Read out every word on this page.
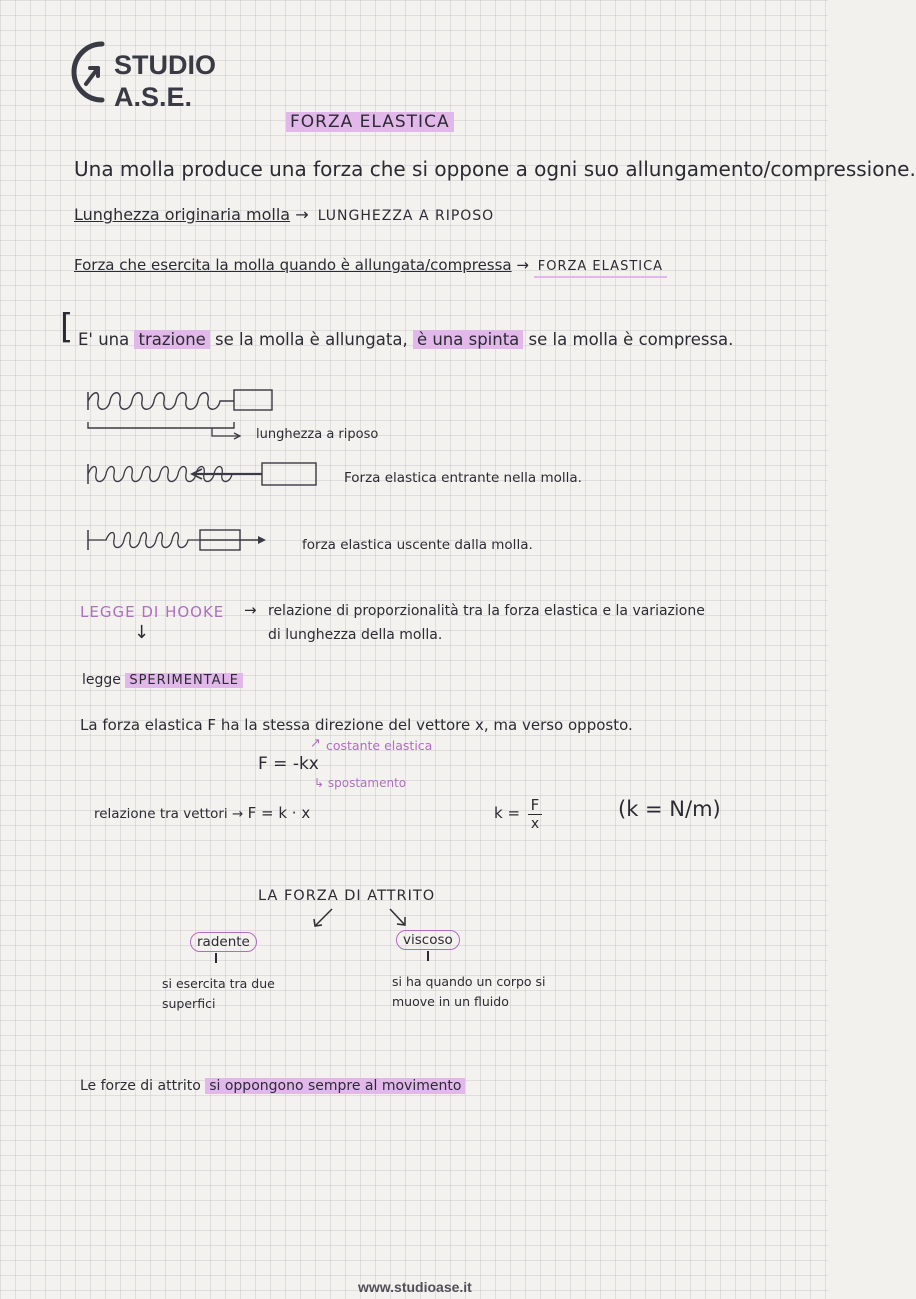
STUDIO
A.S.E.
FORZA ELASTICA
Una molla produce una forza che si oppone a ogni suo allungamento/compressione.
Lunghezza originaria molla → LUNGHEZZA A RIPOSO
Forza che esercita la molla quando è allungata/compressa → FORZA ELASTICA
[ E' una trazione se la molla è allungata, è una spinta se la molla è compressa.
lunghezza a riposo
Forza elastica entrante nella molla.
forza elastica uscente dalla molla.
LEGGE DI HOOKE → relazione di proporzionalità tra la forza elastica e la variazione
di lunghezza della molla.
↓
legge SPERIMENTALE
La forza elastica F ha la stessa direzione del vettore x, ma verso opposto.
↗ costante elastica
F = -kx
↳ spostamento
relazione tra vettori → F = k · x	k = F
x
(k = N/m)
LA FORZA DI ATTRITO
radente
si esercita tra due
superfici
viscoso
si ha quando un corpo si
muove in un fluido
Le forze di attrito si oppongono sempre al movimento
www.studioase.it
